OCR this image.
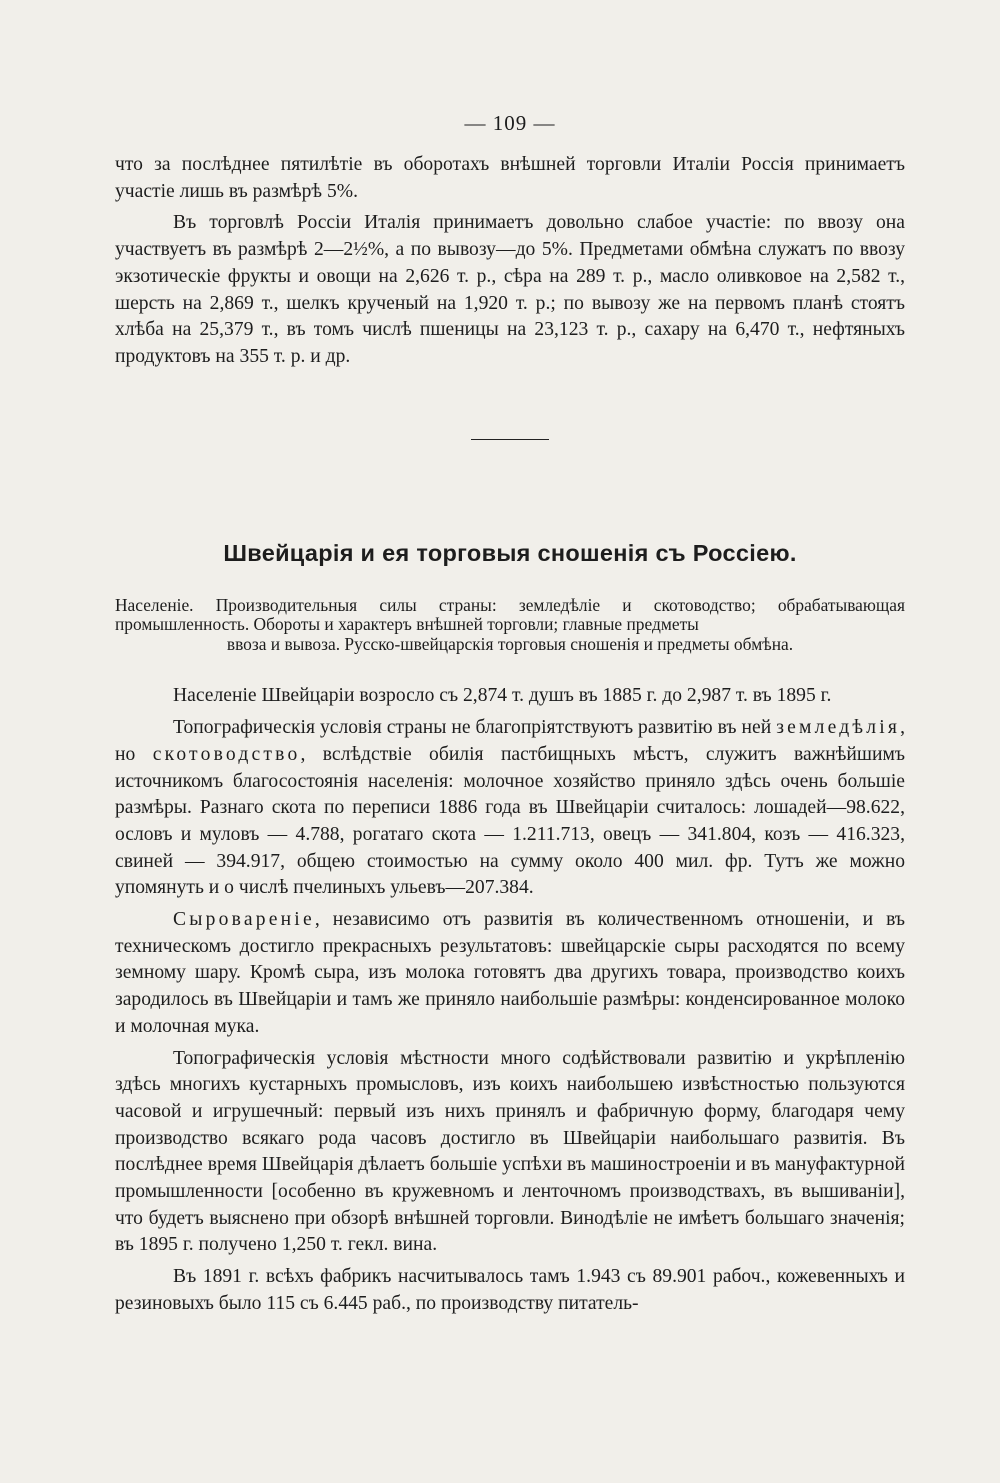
— 109 —

что за послѣднее пятилѣтіе въ оборотахъ внѣшней торговли Италіи Россія принимаетъ участіе лишь въ размѣрѣ 5%.

Въ торговлѣ Россіи Италія принимаетъ довольно слабое участіе: по ввозу она участвуетъ въ размѣрѣ 2—2½%, а по вывозу—до 5%. Предметами обмѣна служатъ по ввозу экзотическіе фрукты и овощи на 2,626 т. р., сѣра на 289 т. р., масло оливковое на 2,582 т., шерсть на 2,869 т., шелкъ крученый на 1,920 т. р.; по вывозу же на первомъ планѣ стоятъ хлѣба на 25,379 т., въ томъ числѣ пшеницы на 23,123 т. р., сахару на 6,470 т., нефтяныхъ продуктовъ на 355 т. р. и др.

Швейцарія и ея торговыя сношенія съ Россіею.

Населеніе. Производительныя силы страны: земледѣліе и скотоводство; обрабатывающая промышленность. Обороты и характеръ внѣшней торговли; главные предметы
ввоза и вывоза. Русско-швейцарскія торговыя сношенія и предметы обмѣна.

Населеніе Швейцаріи возросло съ 2,874 т. душъ въ 1885 г. до 2,987 т. въ 1895 г.

Топографическія условія страны не благопріятствуютъ развитію въ ней земледѣлія, но скотоводство, вслѣдствіе обилія пастбищныхъ мѣстъ, служитъ важнѣйшимъ источникомъ благосостоянія населенія: молочное хозяйство приняло здѣсь очень большіе размѣры. Разнаго скота по переписи 1886 года въ Швейцаріи считалось: лошадей—98.622, ословъ и муловъ — 4.788, рогатаго скота — 1.211.713, овецъ — 341.804, козъ — 416.323, свиней — 394.917, общею стоимостью на сумму около 400 мил. фр. Тутъ же можно упомянуть и о числѣ пчелиныхъ ульевъ—207.384.

Сыровареніе, независимо отъ развитія въ количественномъ отношеніи, и въ техническомъ достигло прекрасныхъ результатовъ: швейцарскіе сыры расходятся по всему земному шару. Кромѣ сыра, изъ молока готовятъ два другихъ товара, производство коихъ зародилось въ Швейцаріи и тамъ же приняло наибольшіе размѣры: конденсированное молоко и молочная мука.

Топографическія условія мѣстности много содѣйствовали развитію и укрѣпленію здѣсь многихъ кустарныхъ промысловъ, изъ коихъ наибольшею извѣстностью пользуются часовой и игрушечный: первый изъ нихъ принялъ и фабричную форму, благодаря чему производство всякаго рода часовъ достигло въ Швейцаріи наибольшаго развитія. Въ послѣднее время Швейцарія дѣлаетъ большіе успѣхи въ машиностроеніи и въ мануфактурной промышленности [особенно въ кружевномъ и ленточномъ производствахъ, въ вышиваніи], что будетъ выяснено при обзорѣ внѣшней торговли. Винодѣліе не имѣетъ большаго значенія; въ 1895 г. получено 1,250 т. гекл. вина.

Въ 1891 г. всѣхъ фабрикъ насчитывалось тамъ 1.943 съ 89.901 рабоч., кожевенныхъ и резиновыхъ было 115 съ 6.445 раб., по производству питатель-
